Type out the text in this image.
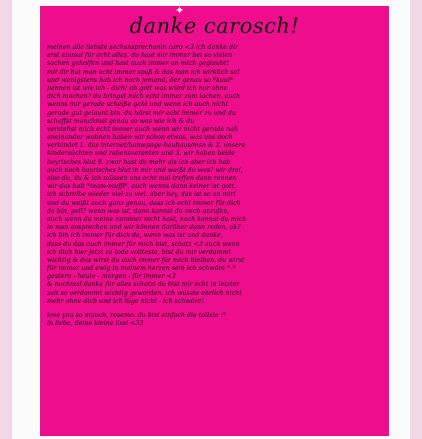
✦
danke carosch!
meinen alle liebste sechsnsprechenin caro <3 ich danke dir
erst einmal für echt alles. du hast mir immer bei so vielen
sachen geholfen und hast auch immer an mich geglaubt!
mit dir hat man echt immer spaß & das man ich wirklich so!
und wenigstens hab ich noch jemand, der genau so *kuul*
pennen ist wie ich - dich! oh gott was würd ich nur ohne
dich machen? du bringst mich echt immer zum lachen, auch
wenns mir gerade scheiße geht und wenn ich auch nicht
gerade gut gelaunt bin. du hörst mir echt immer zu und du
schaffst manchmal genau so was wie ich & du
verstehst mich echt immer auch wenn wir nicht gerade nah
aneinander wohnen haben wir schon etwas, was uns doch
verbindet 1. das internet/homepage-bauhaus/msn & 2. unsere
kindersüchten und rabensverenten und 3. wir haben beide
bayrisches blut 8. zwar hast du mehr als ich aber ich hab
auch noch bayrisches blut in mir und weißt du was? wir drei,
also du, du & ich müssen uns echt mal treffen dann rennen
wir das halt *team-muffl*, auch wenns dann keiner ist gott.
ich schreibe wieder viel zu viel. aber hey, das ist so an mir!
und du weißt auch ganz genau, dass ich echt immer für dich
da bin, gell? wenn was ist, dann kannst du mich anrufen,
auch wenn du meine nummer nicht hast, noch kannst du mich
in msn ansprechen und wir können darüber dann reden, ok?
ich bin ich immer für dich da, wenn was ist und danke,
dass du das auch immer für mich bist, schatz <3 auch wenn
ich dich hier jetzt zu tode vollteste, bist du mir verdammt
wichtig & das wirst du auch immer für mich bleiben. du wirst
für immer und ewig in meinem herzen sein ich schwöre *-*
gestern - heute - morgen - für immer <3
& nochmal danke für alles schatzi du bist mir echt in letzter
zeit so verdammt wichtig geworden. ich wüsste ehrlich nicht
mehr ohne dich und ich lüge nicht - ich schwöre!
love you so muuch, rosemo. du bist einfach die tollste :*
in liebe, deine kleine lissi <33
